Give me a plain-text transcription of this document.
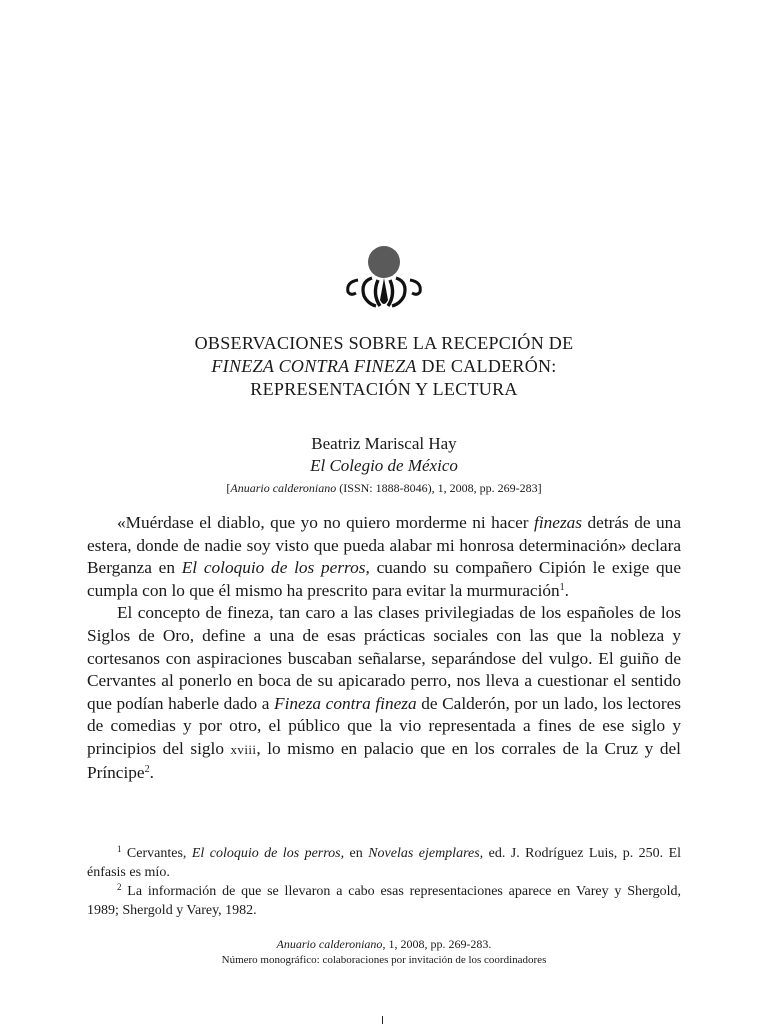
OBSERVACIONES SOBRE LA RECEPCIÓN DE
FINEZA CONTRA FINEZA DE CALDERÓN:
REPRESENTACIÓN Y LECTURA
Beatriz Mariscal Hay
El Colegio de México
[Anuario calderoniano (ISSN: 1888-8046), 1, 2008, pp. 269-283]

«Muérdase el diablo, que yo no quiero morderme ni hacer finezas detrás de una estera, donde de nadie soy visto que pueda alabar mi honrosa determinación» declara Berganza en El coloquio de los perros, cuando su compañero Cipión le exige que cumpla con lo que él mismo ha prescrito para evitar la murmuración$^1$.

El concepto de fineza, tan caro a las clases privilegiadas de los españoles de los Siglos de Oro, define a una de esas prácticas sociales con las que la nobleza y cortesanos con aspiraciones buscaban señalarse, separándose del vulgo. El guiño de Cervantes al ponerlo en boca de su apicarado perro, nos lleva a cuestionar el sentido que podían haberle dado a Fineza contra fineza de Calderón, por un lado, los lectores de comedias y por otro, el público que la vio representada a fines de ese siglo y principios del siglo xviii, lo mismo en palacio que en los corrales de la Cruz y del Príncipe$^2$.

$^1$ Cervantes, El coloquio de los perros, en Novelas ejemplares, ed. J. Rodríguez Luis, p. 250. El énfasis es mío.

$^2$ La información de que se llevaron a cabo esas representaciones aparece en Varey y Shergold, 1989; Shergold y Varey, 1982.

Anuario calderoniano, 1, 2008, pp. 269-283.
Número monográfico: colaboraciones por invitación de los coordinadores
